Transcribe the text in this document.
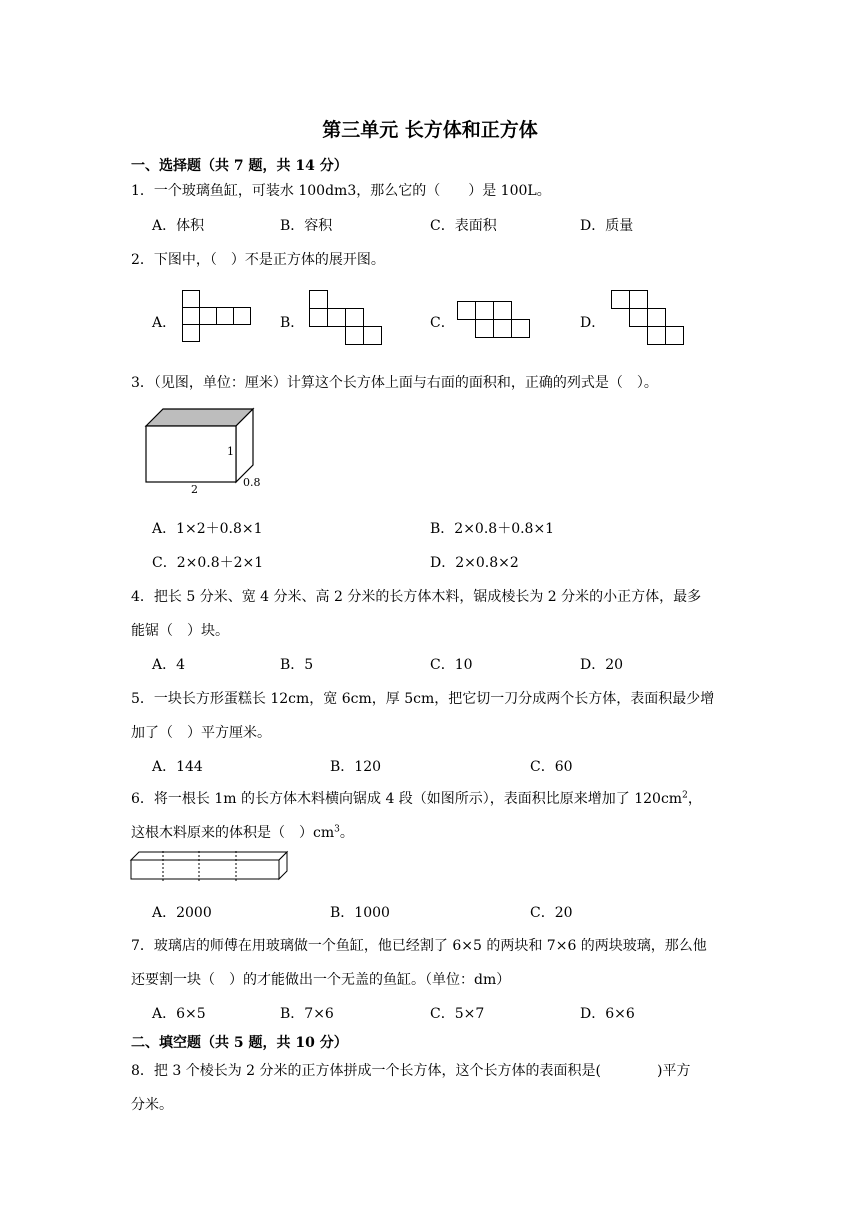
第三单元 长方体和正方体
一、选择题（共 7 题，共 14 分）
1．一个玻璃鱼缸，可装水 100dm3，那么它的（　　）是 100L。
A．体积	B．容积	C．表面积	D．质量
2．下图中，（　）不是正方体的展开图。
A．	B．	C．	D．
3．（见图，单位：厘米）计算这个长方体上面与右面的面积和，正确的列式是（　）。
1
2
0.8
A．1×2＋0.8×1	B．2×0.8＋0.8×1
C．2×0.8＋2×1	D．2×0.8×2
4．把长 5 分米、宽 4 分米、高 2 分米的长方体木料，锯成棱长为 2 分米的小正方体，最多
能锯（　）块。
A．4	B．5	C．10	D．20
5．一块长方形蛋糕长 12cm，宽 6cm，厚 5cm，把它切一刀分成两个长方体，表面积最少增
加了（　）平方厘米。
A．144	B．120	C．60
6．将一根长 1m 的长方体木料横向锯成 4 段（如图所示），表面积比原来增加了 $120cm^2$，
这根木料原来的体积是（　）$cm^3$。
A．2000	B．1000	C．20
7．玻璃店的师傅在用玻璃做一个鱼缸，他已经割了 6×5 的两块和 7×6 的两块玻璃，那么他
还要割一块（　）的才能做出一个无盖的鱼缸。（单位：dm）
A．6×5	B．7×6	C．5×7	D．6×6
二、填空题（共 5 题，共 10 分）
8．把 3 个棱长为 2 分米的正方体拼成一个长方体，这个长方体的表面积是(　　　　)平方
分米。
